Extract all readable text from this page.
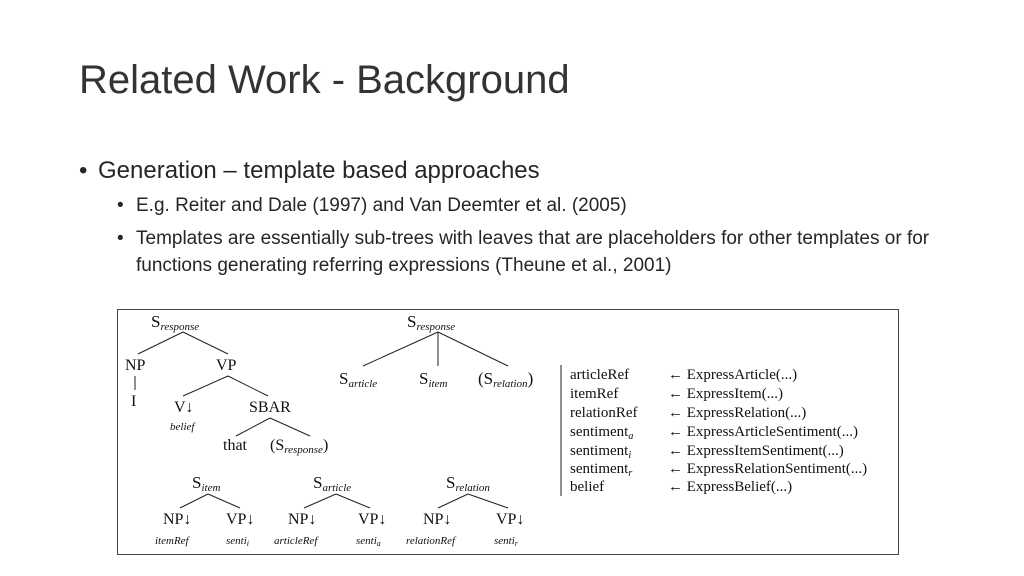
Related Work - Background
• Generation – template based approaches
• E.g. Reiter and Dale (1997) and Van Deemter et al. (2005)
• Templates are essentially sub-trees with leaves that are placeholders for other templates or for functions generating referring expressions (Theune et al., 2001)
Sresponse
NP	VP
I V↓
belief
SBAR
that (Sresponse)
Sresponse
Sarticle Sitem (Srelation)
Sitem
NP↓ VP↓
itemRef	sentii
Sarticle
NP↓	VP↓
articleRef	sentia
Srelation
NP↓	VP↓
relationRef	sentir
articleRef	← ExpressArticle(...)
itemRef	← ExpressItem(...)
relationRef ← ExpressRelation(...)
sentiment$_a$ ← ExpressArticleSentiment(...)
sentiment$_i$ ← ExpressItemSentiment(...)
sentiment$_r$ ← ExpressRelationSentiment(...)
belief	← ExpressBelief(...)
